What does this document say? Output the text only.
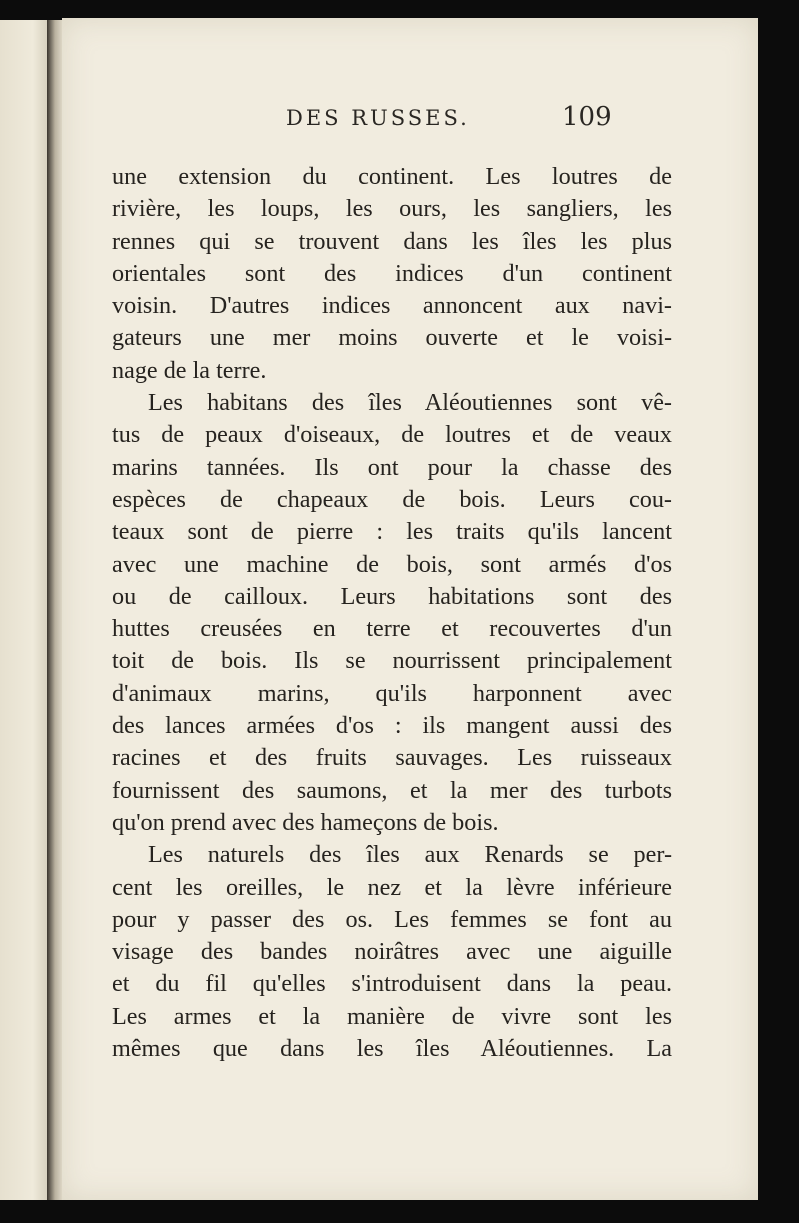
DES RUSSES.	109
une extension du continent. Les loutres de
rivière, les loups, les ours, les sangliers, les
rennes qui se trouvent dans les îles les plus
orientales sont des indices d'un continent
voisin. D'autres indices annoncent aux navi-
gateurs une mer moins ouverte et le voisi-
nage de la terre.
Les habitans des îles Aléoutiennes sont vê-
tus de peaux d'oiseaux, de loutres et de veaux
marins tannées. Ils ont pour la chasse des
espèces de chapeaux de bois. Leurs cou-
teaux sont de pierre : les traits qu'ils lancent
avec une machine de bois, sont armés d'os
ou de cailloux. Leurs habitations sont des
huttes creusées en terre et recouvertes d'un
toit de bois. Ils se nourrissent principalement
d'animaux marins, qu'ils harponnent avec
des lances armées d'os : ils mangent aussi des
racines et des fruits sauvages. Les ruisseaux
fournissent des saumons, et la mer des turbots
qu'on prend avec des hameçons de bois.
Les naturels des îles aux Renards se per-
cent les oreilles, le nez et la lèvre inférieure
pour y passer des os. Les femmes se font au
visage des bandes noirâtres avec une aiguille
et du fil qu'elles s'introduisent dans la peau.
Les armes et la manière de vivre sont les
mêmes que dans les îles Aléoutiennes. La
